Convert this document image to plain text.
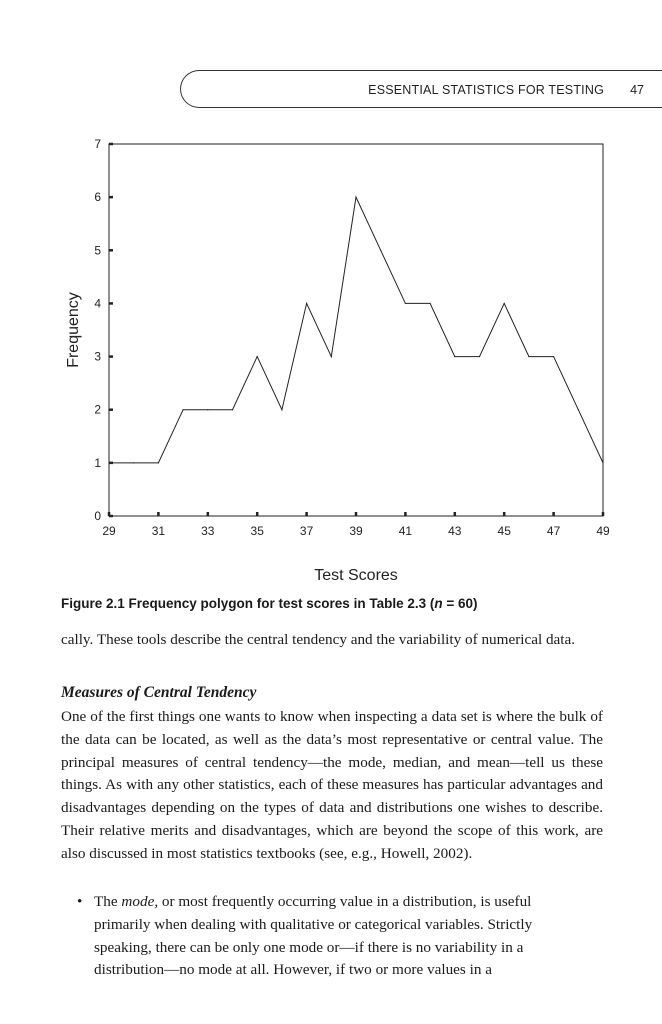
ESSENTIAL STATISTICS FOR TESTING 47
0
1
2
3
4
5
6
7
29	31	33	35	37	39	41	43	45	47	49
Test Scores
Frequency
Figure 2.1 Frequency polygon for test scores in Table 2.3 (n = 60)
cally. These tools describe the central tendency and the variability of numerical data.
Measures of Central Tendency
One of the first things one wants to know when inspecting a data set is where the bulk of the data can be located, as well as the data’s most representative or central value. The principal measures of central tendency—the mode, median, and mean—tell us these things. As with any other statistics, each of these measures has particular advantages and disadvantages depending on the types of data and distributions one wishes to describe. Their relative merits and disadvantages, which are beyond the scope of this work, are also discussed in most statistics textbooks (see, e.g., Howell, 2002).
• The mode, or most frequently occurring value in a distribution, is useful primarily when dealing with qualitative or categorical variables. Strictly speaking, there can be only one mode or—if there is no variability in a distribution—no mode at all. However, if two or more values in a
